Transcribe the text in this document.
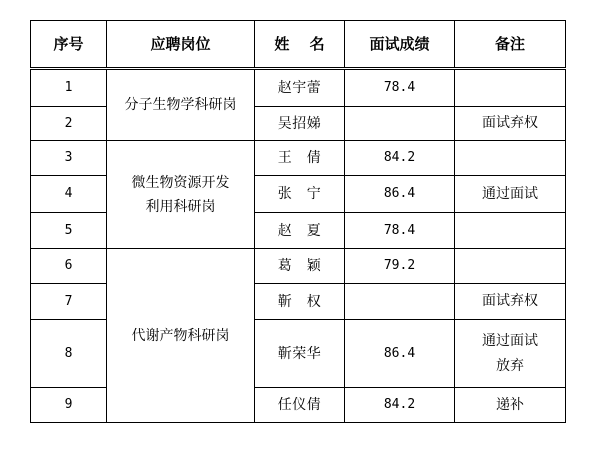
序号	应聘岗位	姓　 名	面试成绩	备注
1	分子生物学科研岗	赵宇蕾	78.4	

2		吴招娣		面试弃权

3	微生物资源开发
利用科研岗	王　倩	84.2	

4		张　宁	86.4	通过面试

5		赵　夏	78.4	

6	代谢产物科研岗	葛　颖	79.2	

7		靳　权		面试弃权

8		靳荣华	86.4	通过面试
放弃

9		任仪倩	84.2	递补
